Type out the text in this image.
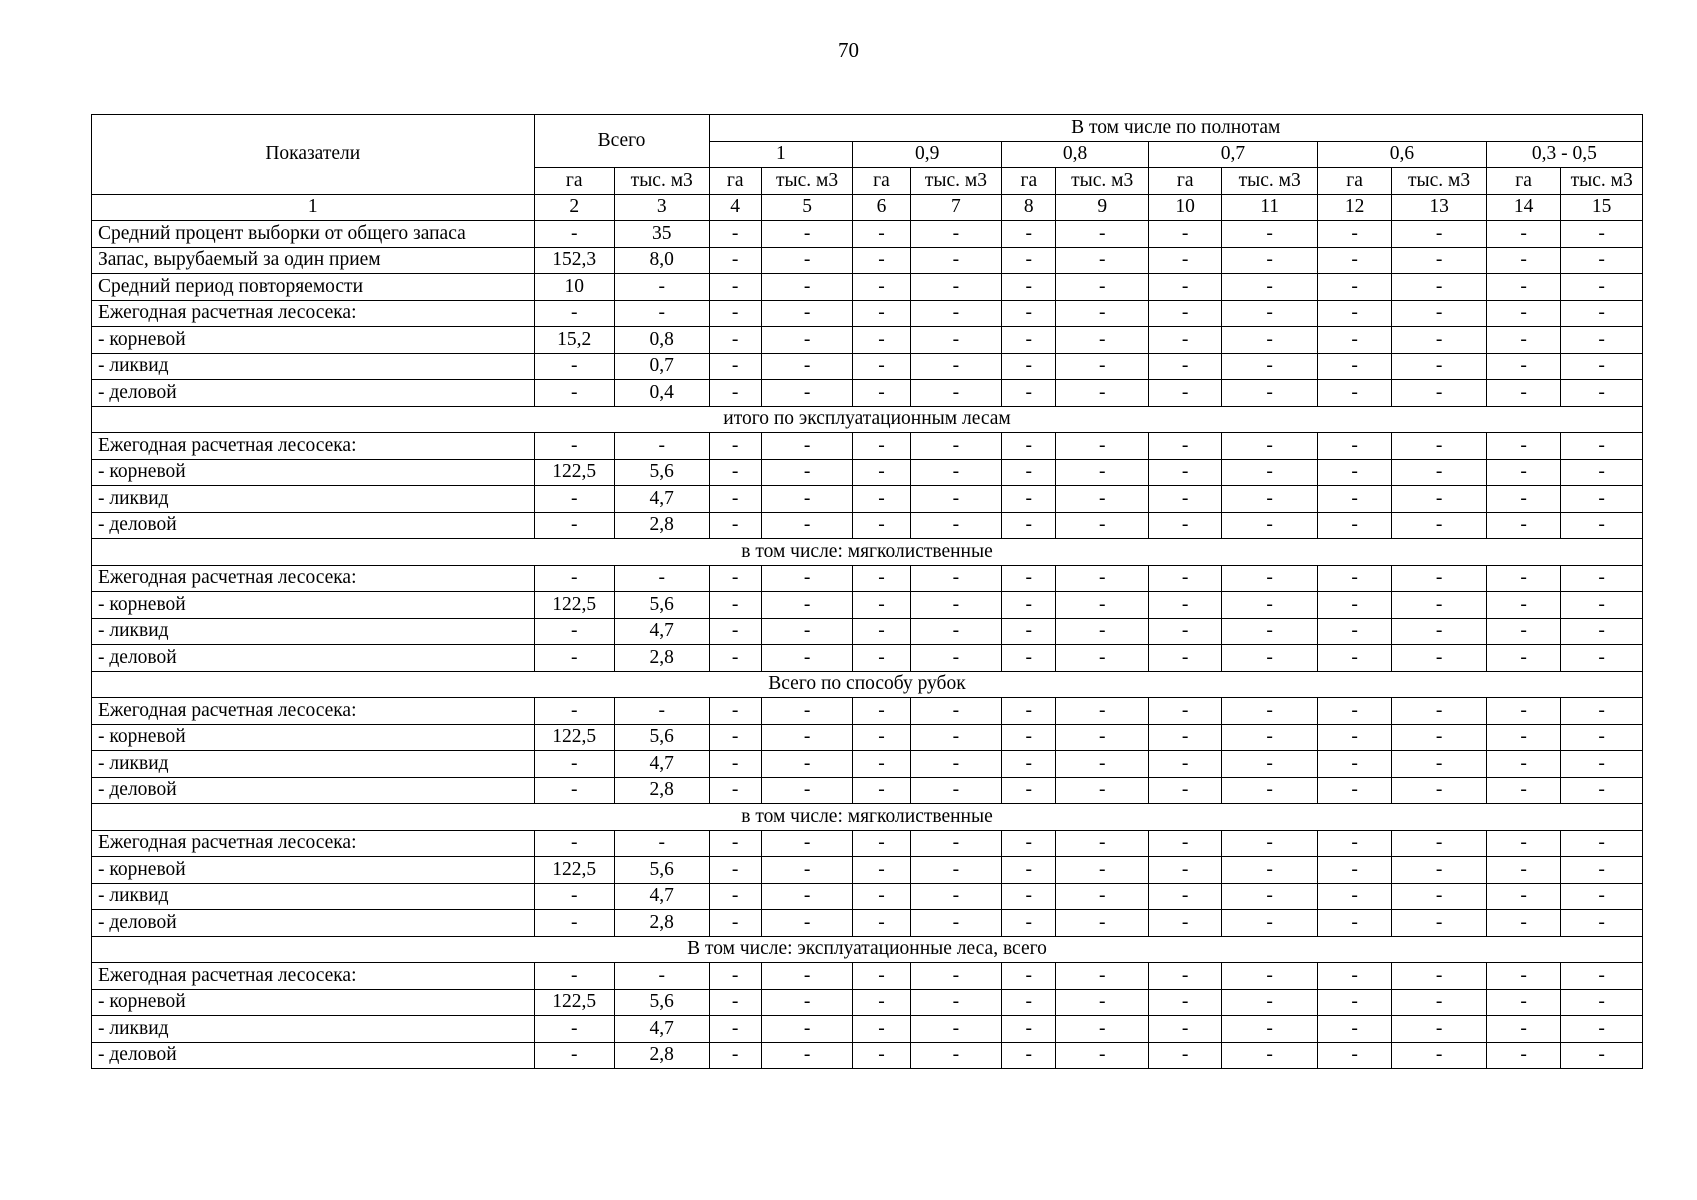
70
Показатели	Всего		В том числе по полнотам											
			1		0,9		0,8		0,7		0,6		0,3 - 0,5	
	га	тыс. м3	га	тыс. м3	га	тыс. м3	га	тыс. м3	га	тыс. м3	га	тыс. м3	га	тыс. м3
1	2	3	4	5	6	7	8	9	10	11	12	13	14	15
Средний процент выборки от общего запаса	-	35	-	-	-	-	-	-	-	-	-	-	-	-
Запас, вырубаемый за один прием	152,3	8,0	-	-	-	-	-	-	-	-	-	-	-	-
Средний период повторяемости	10	-	-	-	-	-	-	-	-	-	-	-	-	-
Ежегодная расчетная лесосека:	-	-	-	-	-	-	-	-	-	-	-	-	-	-
- корневой	15,2	0,8	-	-	-	-	-	-	-	-	-	-	-	-
- ликвид	-	0,7	-	-	-	-	-	-	-	-	-	-	-	-
- деловой	-	0,4	-	-	-	-	-	-	-	-	-	-	-	-
итого по эксплуатационным лесам														
Ежегодная расчетная лесосека:	-	-	-	-	-	-	-	-	-	-	-	-	-	-
- корневой	122,5	5,6	-	-	-	-	-	-	-	-	-	-	-	-
- ликвид	-	4,7	-	-	-	-	-	-	-	-	-	-	-	-
- деловой	-	2,8	-	-	-	-	-	-	-	-	-	-	-	-
в том числе: мягколиственные														
Ежегодная расчетная лесосека:	-	-	-	-	-	-	-	-	-	-	-	-	-	-
- корневой	122,5	5,6	-	-	-	-	-	-	-	-	-	-	-	-
- ликвид	-	4,7	-	-	-	-	-	-	-	-	-	-	-	-
- деловой	-	2,8	-	-	-	-	-	-	-	-	-	-	-	-
Всего по способу рубок														
Ежегодная расчетная лесосека:	-	-	-	-	-	-	-	-	-	-	-	-	-	-
- корневой	122,5	5,6	-	-	-	-	-	-	-	-	-	-	-	-
- ликвид	-	4,7	-	-	-	-	-	-	-	-	-	-	-	-
- деловой	-	2,8	-	-	-	-	-	-	-	-	-	-	-	-
в том числе: мягколиственные														
Ежегодная расчетная лесосека:	-	-	-	-	-	-	-	-	-	-	-	-	-	-
- корневой	122,5	5,6	-	-	-	-	-	-	-	-	-	-	-	-
- ликвид	-	4,7	-	-	-	-	-	-	-	-	-	-	-	-
- деловой	-	2,8	-	-	-	-	-	-	-	-	-	-	-	-
В том числе: эксплуатационные леса, всего														
Ежегодная расчетная лесосека:	-	-	-	-	-	-	-	-	-	-	-	-	-	-
- корневой	122,5	5,6	-	-	-	-	-	-	-	-	-	-	-	-
- ликвид	-	4,7	-	-	-	-	-	-	-	-	-	-	-	-
- деловой	-	2,8	-	-	-	-	-	-	-	-	-	-	-	-
